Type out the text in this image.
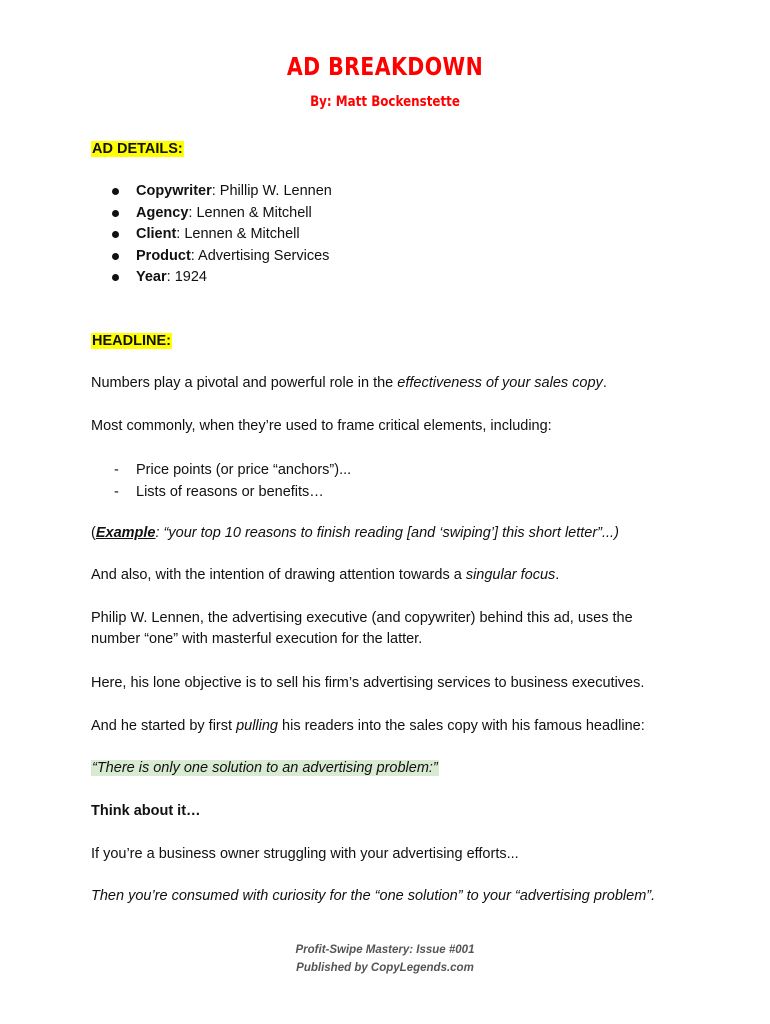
AD BREAKDOWN
By: Matt Bockenstette
AD DETAILS:
Copywriter: Phillip W. Lennen
Agency: Lennen & Mitchell
Client: Lennen & Mitchell
Product: Advertising Services
Year: 1924
HEADLINE:
Numbers play a pivotal and powerful role in the effectiveness of your sales copy.
Most commonly, when they’re used to frame critical elements, including:
- Price points (or price “anchors”)...
- Lists of reasons or benefits…
(Example: “your top 10 reasons to finish reading [and ‘swiping’] this short letter”...)
And also, with the intention of drawing attention towards a singular focus.
Philip W. Lennen, the advertising executive (and copywriter) behind this ad, uses the
number “one” with masterful execution for the latter.
Here, his lone objective is to sell his firm’s advertising services to business executives.
And he started by first pulling his readers into the sales copy with his famous headline:
“There is only one solution to an advertising problem:”
Think about it…
If you’re a business owner struggling with your advertising efforts...
Then you’re consumed with curiosity for the “one solution” to your “advertising problem”.
Profit-Swipe Mastery: Issue #001
Published by CopyLegends.com
